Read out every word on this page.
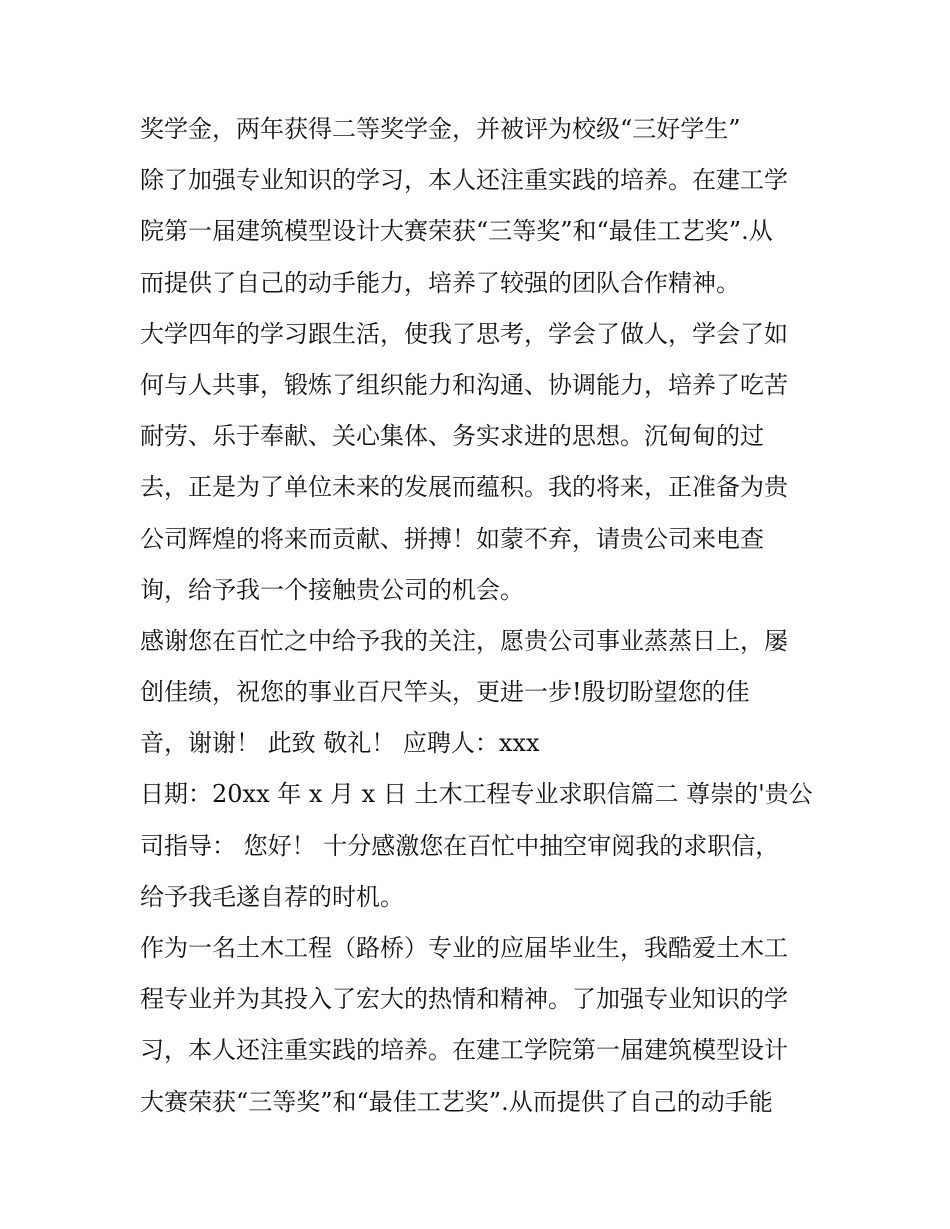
奖学金，两年获得二等奖学金，并被评为校级“三好学生”
除了加强专业知识的学习，本人还注重实践的培养。在建工学
院第一届建筑模型设计大赛荣获“三等奖”和“最佳工艺奖”.从
而提供了自己的动手能力，培养了较强的团队合作精神。
大学四年的学习跟生活，使我了思考，学会了做人，学会了如
何与人共事，锻炼了组织能力和沟通、协调能力，培养了吃苦
耐劳、乐于奉献、关心集体、务实求进的思想。沉甸甸的过
去，正是为了单位未来的发展而蕴积。我的将来，正准备为贵
公司辉煌的将来而贡献、拼搏！如蒙不弃，请贵公司来电查
询，给予我一个接触贵公司的机会。
感谢您在百忙之中给予我的关注，愿贵公司事业蒸蒸日上，屡
创佳绩，祝您的事业百尺竿头，更进一步!殷切盼望您的佳
音，谢谢！ 此致 敬礼！ 应聘人：xxx
日期：20xx 年 x 月 x 日 土木工程专业求职信篇二 尊崇的'贵公
司指导： 您好！ 十分感激您在百忙中抽空审阅我的求职信，
给予我毛遂自荐的时机。
作为一名土木工程（路桥）专业的应届毕业生，我酷爱土木工
程专业并为其投入了宏大的热情和精神。了加强专业知识的学
习，本人还注重实践的培养。在建工学院第一届建筑模型设计
大赛荣获“三等奖”和“最佳工艺奖”.从而提供了自己的动手能
